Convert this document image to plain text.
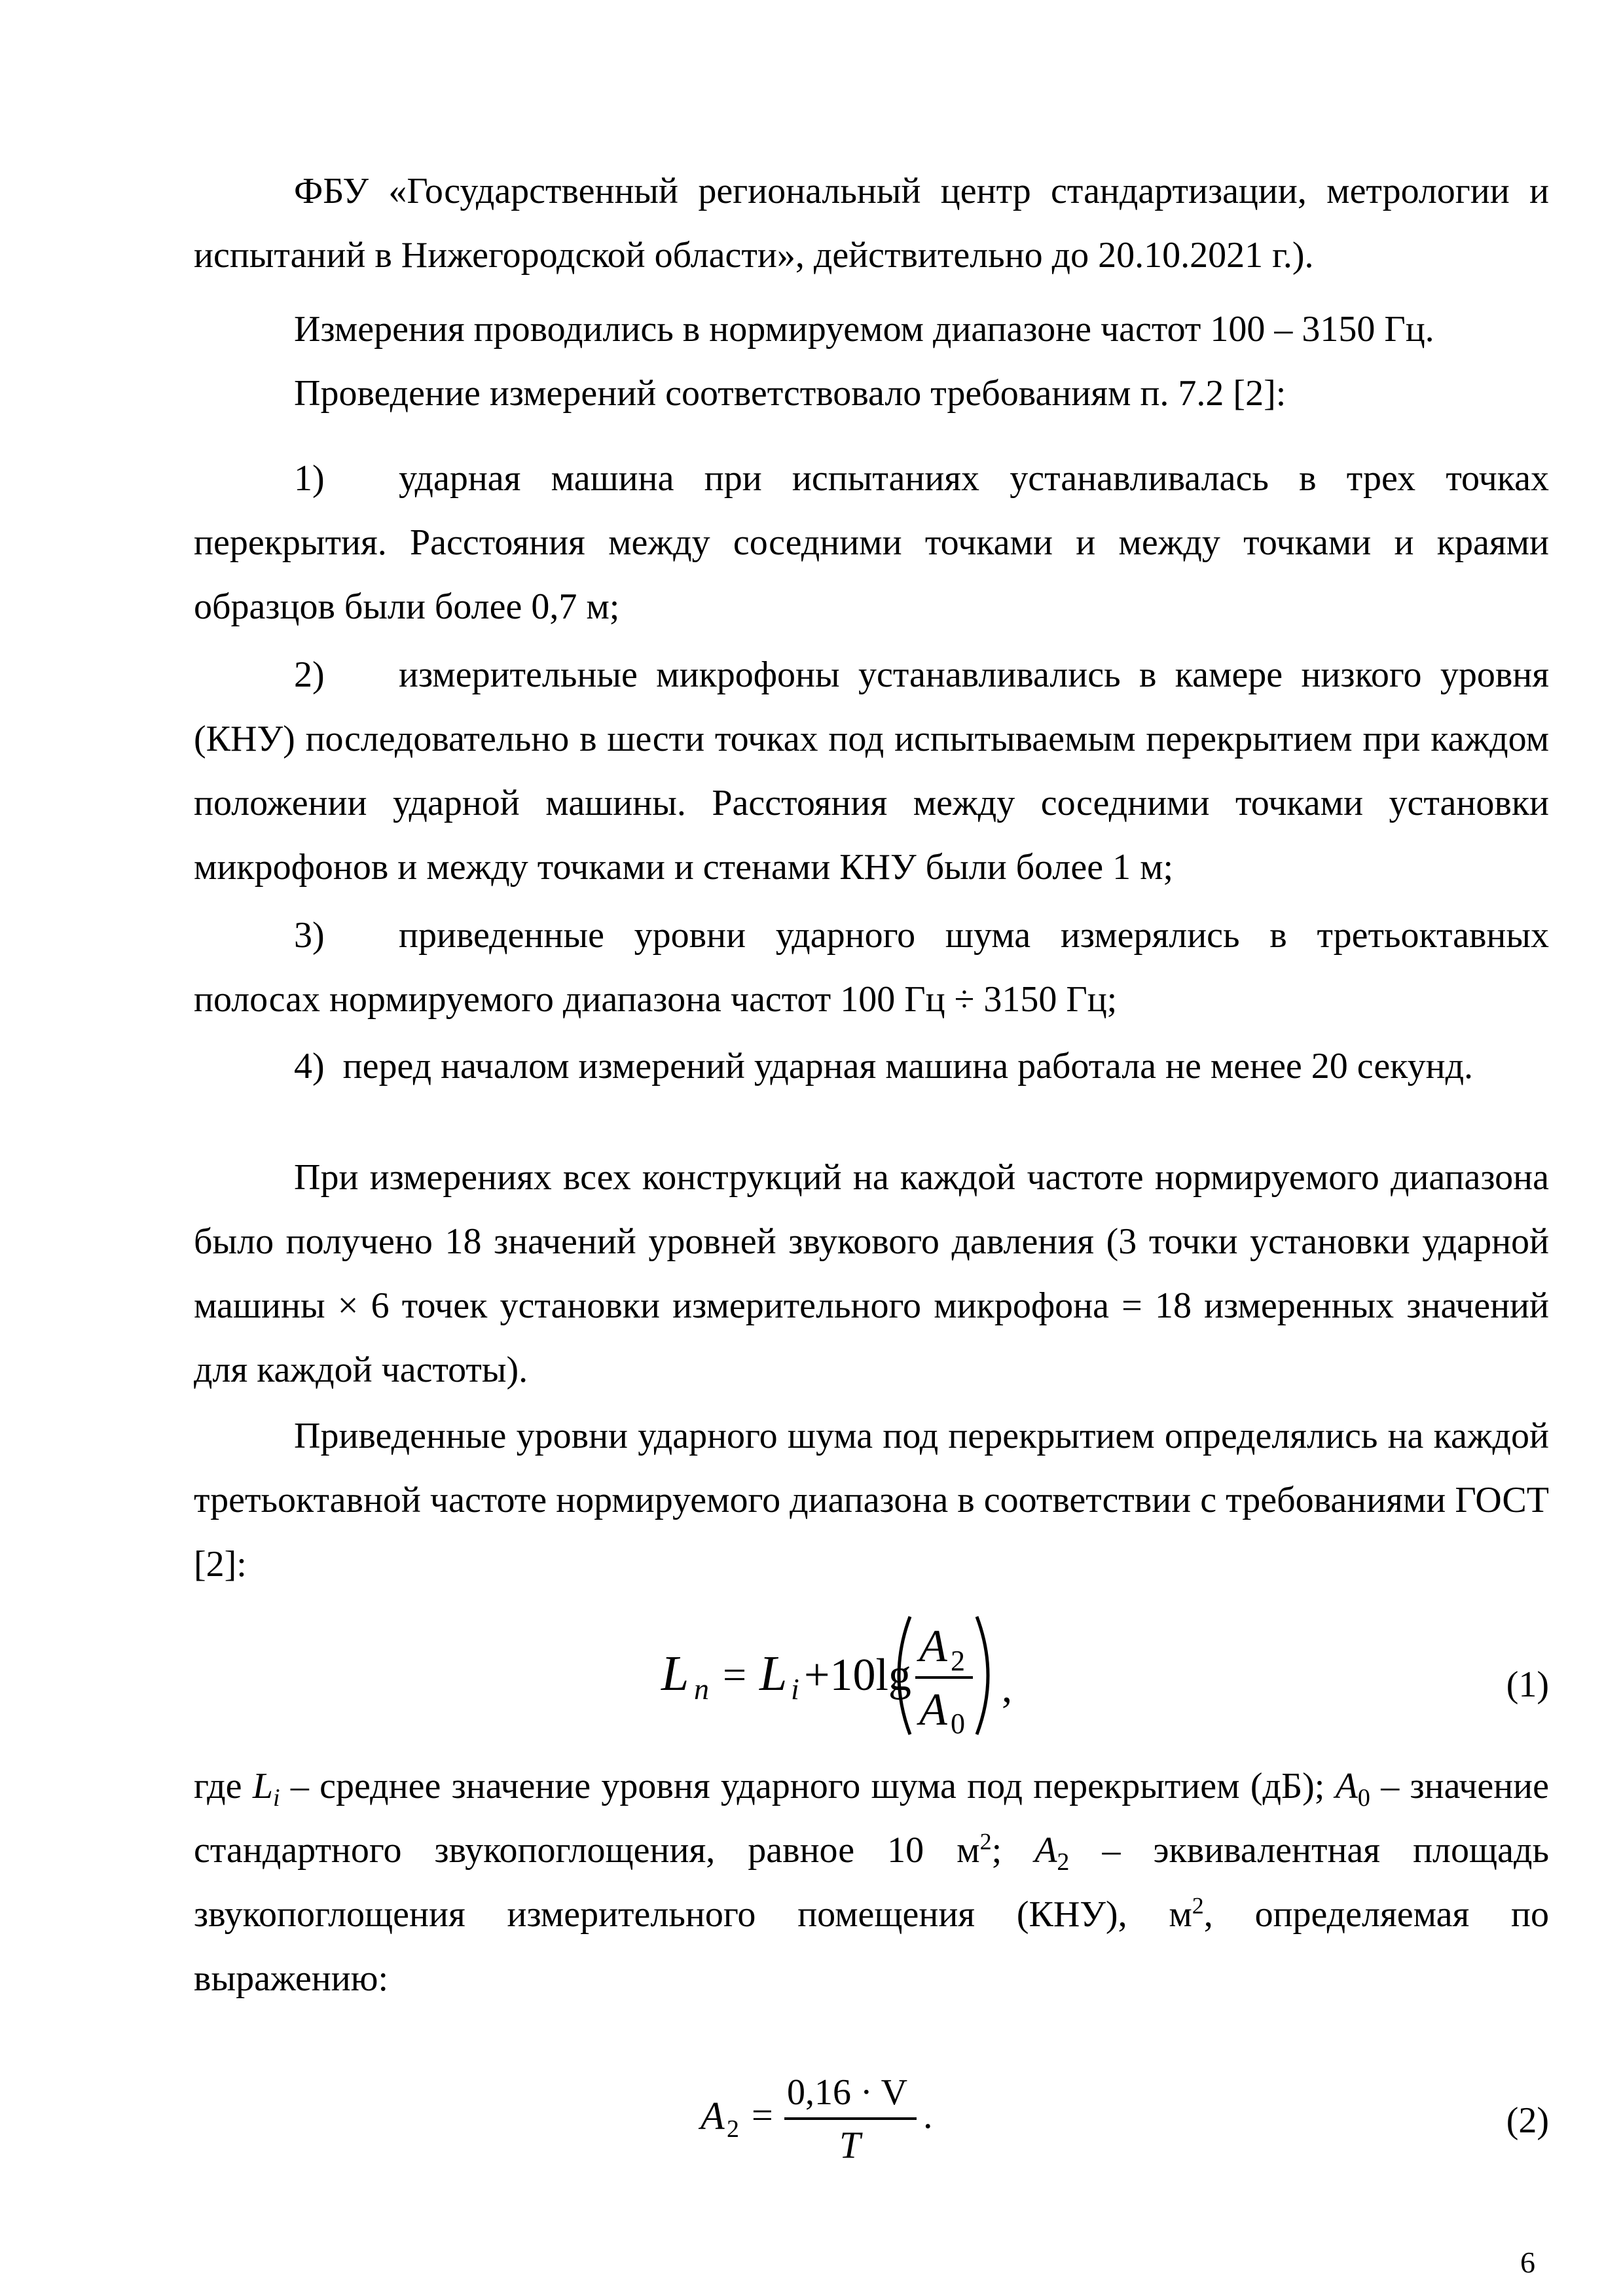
ФБУ «Государственный региональный центр стандартизации, метрологии и испытаний в Нижегородской области», действительно до 20.10.2021 г.).

Измерения проводились в нормируемом диапазоне частот 100 – 3150 Гц.

Проведение измерений соответствовало требованиям п. 7.2 [2]:

1) ударная машина при испытаниях устанавливалась в трех точках перекрытия. Расстояния между соседними точками и между точками и краями образцов были более 0,7 м;

2) измерительные микрофоны устанавливались в камере низкого уровня (КНУ) последовательно в шести точках под испытываемым перекрытием при каждом положении ударной машины. Расстояния между соседними точками установки микрофонов и между точками и стенами КНУ были более 1 м;

3) приведенные уровни ударного шума измерялись в третьоктавных полосах нормируемого диапазона частот 100 Гц ÷ 3150 Гц;

4) перед началом измерений ударная машина работала не менее 20 секунд.

При измерениях всех конструкций на каждой частоте нормируемого диапазона было получено 18 значений уровней звукового давления (3 точки установки ударной машины × 6 точек установки измерительного микрофона = 18 измеренных значений для каждой частоты).

Приведенные уровни ударного шума под перекрытием определялись на каждой третьоктавной частоте нормируемого диапазона в соответствии с требованиями ГОСТ [2]:

L n = L i +10lg
A 2
A 0
,	(1)

где $L_i$ – среднее значение уровня ударного шума под перекрытием (дБ); $A_0$ – значение стандартного звукопоглощения, равное 10 $м^2$; $A_2$ – эквивалентная площадь звукопоглощения измерительного помещения (КНУ), $м^2$, определяемая по выражению:

A 2 =
0,16 · V
T
.	(2)
6
